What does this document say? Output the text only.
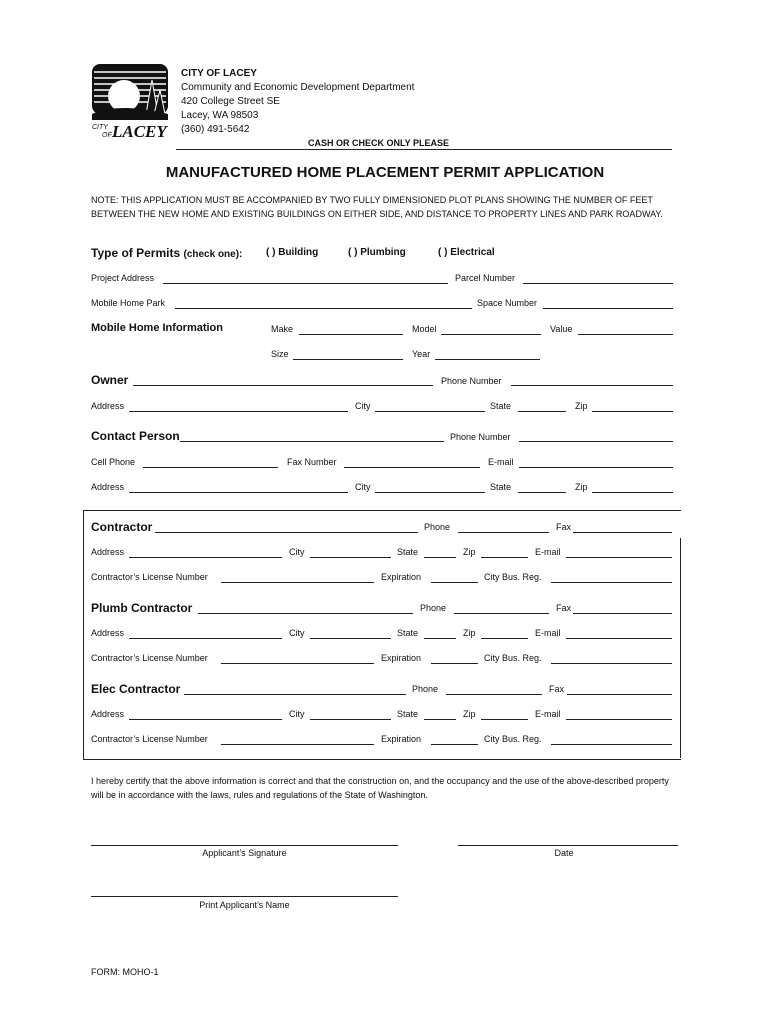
CITY
OF LACEY
CITY OF LACEY
Community and Economic Development Department
420 College Street SE
Lacey, WA 98503
(360) 491-5642
CASH OR CHECK ONLY PLEASE
MANUFACTURED HOME PLACEMENT PERMIT APPLICATION
NOTE: THIS APPLICATION MUST BE ACCOMPANIED BY TWO FULLY DIMENSIONED PLOT PLANS SHOWING THE NUMBER OF FEET BETWEEN THE NEW HOME AND EXISTING BUILDINGS ON EITHER SIDE, AND DISTANCE TO PROPERTY LINES AND PARK ROADWAY.
Type of Permits (check one): ( ) Building	( ) Plumbing	( ) Electrical
Project Address	Parcel Number
Mobile Home Park	Space Number
Mobile Home Information	Make	Model	Value
Size	Year
Owner	Phone Number
Address	City	State	Zip
Contact Person	Phone Number
Cell Phone	Fax Number	E-mail
Address	City	State	Zip
Contractor	Phone	Fax
Address	City	State	Zip	E-mail
Contractor’s License Number	Expiration	City Bus. Reg.
Plumb Contractor	Phone	Fax
Address	City	State	Zip	E-mail
Contractor’s License Number	Expiration	City Bus. Reg.
Elec Contractor	Phone	Fax
Address	City	State	Zip	E-mail
Contractor’s License Number	Expiration	City Bus. Reg.
I hereby certify that the above information is correct and that the construction on, and the occupancy and the use of the above-described property will be in accordance with the laws, rules and regulations of the State of Washington.
Applicant’s Signature	Date
Print Applicant’s Name
FORM: MOHO-1
